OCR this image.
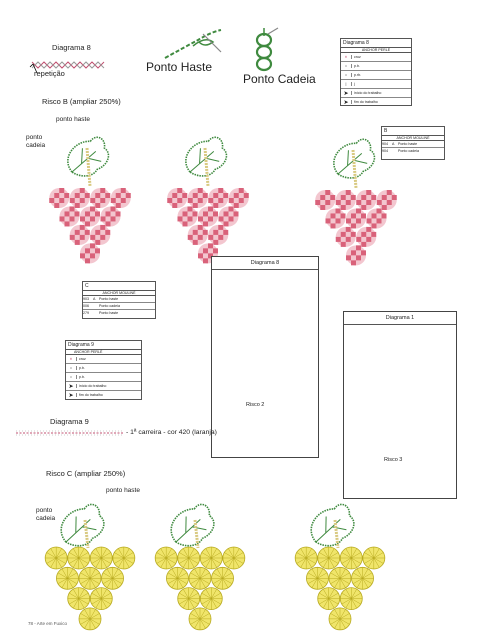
Diagrama 8
repetição	Ponto Haste
Ponto Cadeia
Diagrama 8
ANCHOR PERLÉ
✕	cruz
•	p.b.
•	p.rb.
|	j
➤	início do trabalho
➤	fim do trabalho
Risco B (ampliar 250%)
ponto haste
ponto
cadeia
B
ANCHOR MOULINÉ
904	A Ponto haste
904	Ponto cadeia
C
ANCHOR MOULINÉ
903	A Ponto haste
006	Ponto cadeia
279	Ponto haste
Diagrama 8
Risco 2
Diagrama 1
Risco 3
Diagrama 9
ANCHOR PERLÉ
✕	cruz
•	p.b.
•	p.b.
➤	início do trabalho
➤	fim do trabalho
Diagrama 9
- 1ª carreira - cor 420 (laranja)
Risco C (ampliar 250%)
ponto haste
ponto
cadeia
78 - Arte em Fuxico
